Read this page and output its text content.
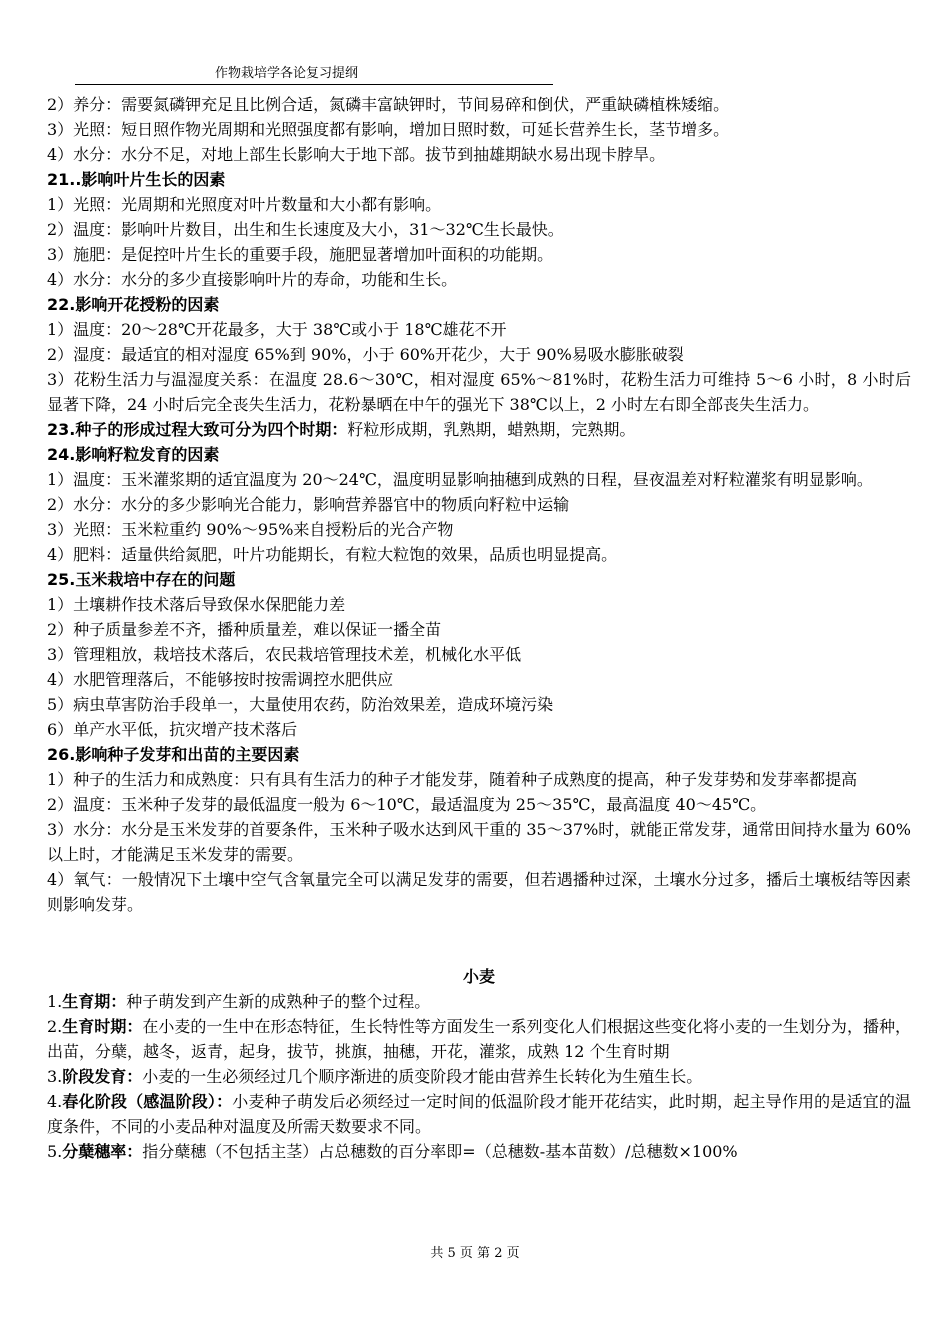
作物栽培学各论复习提纲

2）养分：需要氮磷钾充足且比例合适，氮磷丰富缺钾时，节间易碎和倒伏，严重缺磷植株矮缩。

3）光照：短日照作物光周期和光照强度都有影响，增加日照时数，可延长营养生长，茎节增多。

4）水分：水分不足，对地上部生长影响大于地下部。拔节到抽雄期缺水易出现卡脖旱。

21..影响叶片生长的因素

1）光照：光周期和光照度对叶片数量和大小都有影响。

2）温度：影响叶片数目，出生和生长速度及大小，31～32℃生长最快。

3）施肥：是促控叶片生长的重要手段，施肥显著增加叶面积的功能期。

4）水分：水分的多少直接影响叶片的寿命，功能和生长。

22.影响开花授粉的因素

1）温度：20～28℃开花最多，大于 38℃或小于 18℃雄花不开

2）湿度：最适宜的相对湿度 65%到 90%，小于 60%开花少，大于 90%易吸水膨胀破裂

3）花粉生活力与温湿度关系：在温度 28.6～30℃，相对湿度 65%～81%时，花粉生活力可维持 5～6 小时，8 小时后显著下降，24 小时后完全丧失生活力，花粉暴晒在中午的强光下 38℃以上，2 小时左右即全部丧失生活力。

23.种子的形成过程大致可分为四个时期：籽粒形成期，乳熟期，蜡熟期，完熟期。

24.影响籽粒发育的因素

1）温度：玉米灌浆期的适宜温度为 20～24℃，温度明显影响抽穗到成熟的日程，昼夜温差对籽粒灌浆有明显影响。

2）水分：水分的多少影响光合能力，影响营养器官中的物质向籽粒中运输

3）光照：玉米粒重约 90%～95%来自授粉后的光合产物

4）肥料：适量供给氮肥，叶片功能期长，有粒大粒饱的效果，品质也明显提高。

25.玉米栽培中存在的问题

1）土壤耕作技术落后导致保水保肥能力差

2）种子质量参差不齐，播种质量差，难以保证一播全苗

3）管理粗放，栽培技术落后，农民栽培管理技术差，机械化水平低

4）水肥管理落后，不能够按时按需调控水肥供应

5）病虫草害防治手段单一，大量使用农药，防治效果差，造成环境污染

6）单产水平低，抗灾增产技术落后

26.影响种子发芽和出苗的主要因素

1）种子的生活力和成熟度：只有具有生活力的种子才能发芽，随着种子成熟度的提高，种子发芽势和发芽率都提高

2）温度：玉米种子发芽的最低温度一般为 6～10℃，最适温度为 25～35℃，最高温度 40～45℃。

3）水分：水分是玉米发芽的首要条件，玉米种子吸水达到风干重的 35～37%时，就能正常发芽，通常田间持水量为 60%以上时，才能满足玉米发芽的需要。

4）氧气：一般情况下土壤中空气含氧量完全可以满足发芽的需要，但若遇播种过深，土壤水分过多，播后土壤板结等因素则影响发芽。

小麦

1.生育期：种子萌发到产生新的成熟种子的整个过程。

2.生育时期：在小麦的一生中在形态特征，生长特性等方面发生一系列变化人们根据这些变化将小麦的一生划分为，播种，出苗，分蘖，越冬，返青，起身，拔节，挑旗，抽穗，开花，灌浆，成熟 12 个生育时期

3.阶段发育：小麦的一生必须经过几个顺序渐进的质变阶段才能由营养生长转化为生殖生长。

4.春化阶段（感温阶段）：小麦种子萌发后必须经过一定时间的低温阶段才能开花结实，此时期，起主导作用的是适宜的温度条件，不同的小麦品种对温度及所需天数要求不同。

5.分蘖穗率：指分蘖穗（不包括主茎）占总穗数的百分率即=（总穗数-基本苗数）/总穗数×100%

共 5 页 第 2 页
